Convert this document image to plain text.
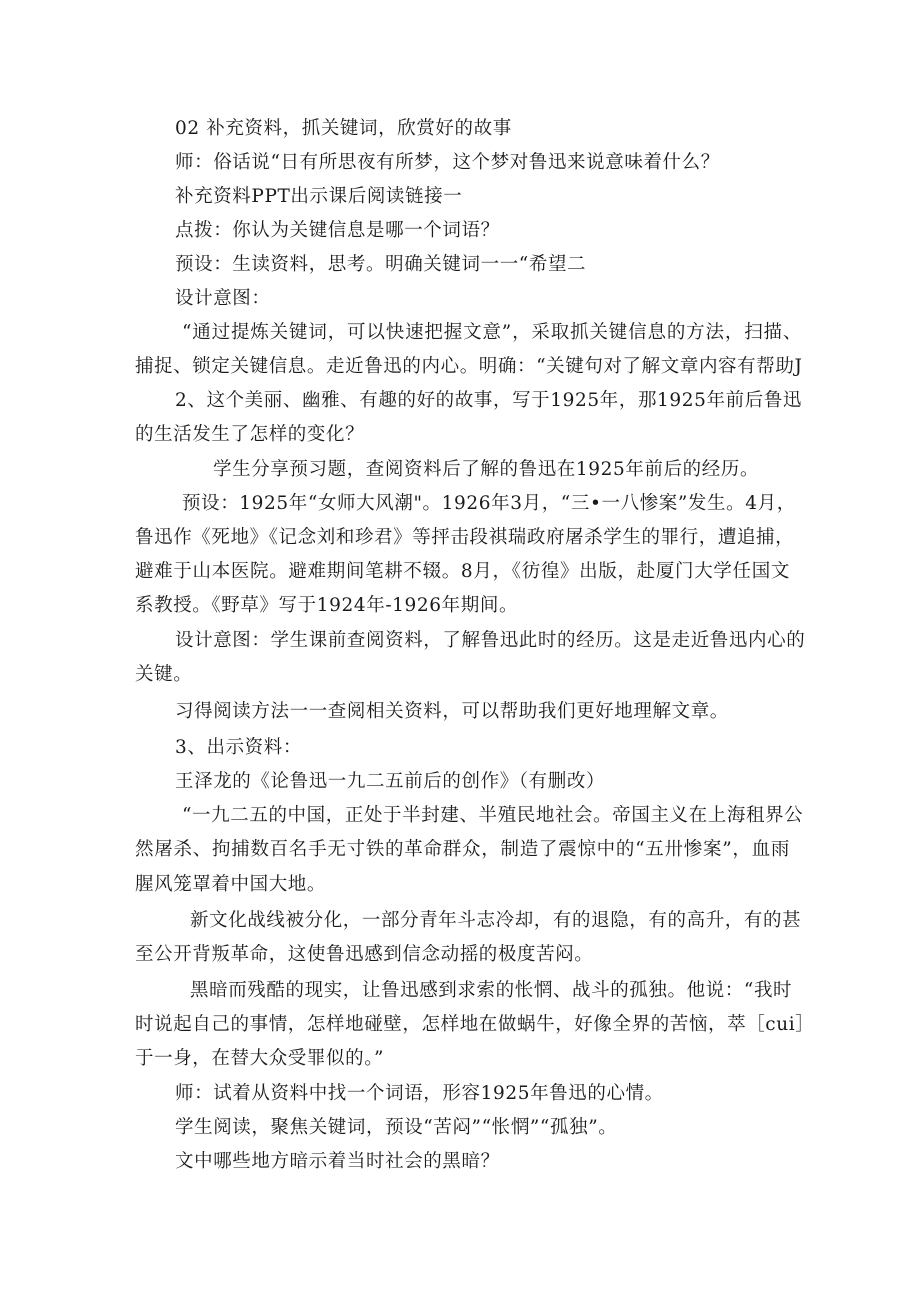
02 补充资料，抓关键词，欣赏好的故事
师：俗话说“日有所思夜有所梦，这个梦对鲁迅来说意味着什么？
补充资料PPT出示课后阅读链接一
点拨：你认为关键信息是哪一个词语？
预设：生读资料，思考。明确关键词一一“希望二
设计意图：
“通过提炼关键词，可以快速把握文意”，采取抓关键信息的方法，扫描、
捕捉、锁定关键信息。走近鲁迅的内心。明确：“关键句对了解文章内容有帮助J
2、这个美丽、幽雅、有趣的好的故事，写于1925年，那1925年前后鲁迅
的生活发生了怎样的变化？
学生分享预习题，查阅资料后了解的鲁迅在1925年前后的经历。
预设：1925年“女师大风潮"。1926年3月，“三•一八惨案”发生。4月，
鲁迅作《死地》《记念刘和珍君》等抨击段祺瑞政府屠杀学生的罪行，遭追捕，
避难于山本医院。避难期间笔耕不辍。8月，《彷徨》出版，赴厦门大学任国文
系教授。《野草》写于1924年-1926年期间。
设计意图：学生课前查阅资料，了解鲁迅此时的经历。这是走近鲁迅内心的
关键。
习得阅读方法一一查阅相关资料，可以帮助我们更好地理解文章。
3、出示资料：
王泽龙的《论鲁迅一九二五前后的创作》（有删改）
“一九二五的中国，正处于半封建、半殖民地社会。帝国主义在上海租界公
然屠杀、拘捕数百名手无寸铁的革命群众，制造了震惊中的“五卅惨案”，血雨
腥风笼罩着中国大地。
新文化战线被分化，一部分青年斗志冷却，有的退隐，有的高升，有的甚
至公开背叛革命，这使鲁迅感到信念动摇的极度苦闷。
黑暗而残酷的现实，让鲁迅感到求索的怅惘、战斗的孤独。他说：“我时
时说起自己的事情，怎样地碰壁，怎样地在做蜗牛，好像全界的苦恼，萃［cui］
于一身，在替大众受罪似的。”
师：试着从资料中找一个词语，形容1925年鲁迅的心情。
学生阅读，聚焦关键词，预设“苦闷”“怅惘”“孤独”。
文中哪些地方暗示着当时社会的黑暗？
